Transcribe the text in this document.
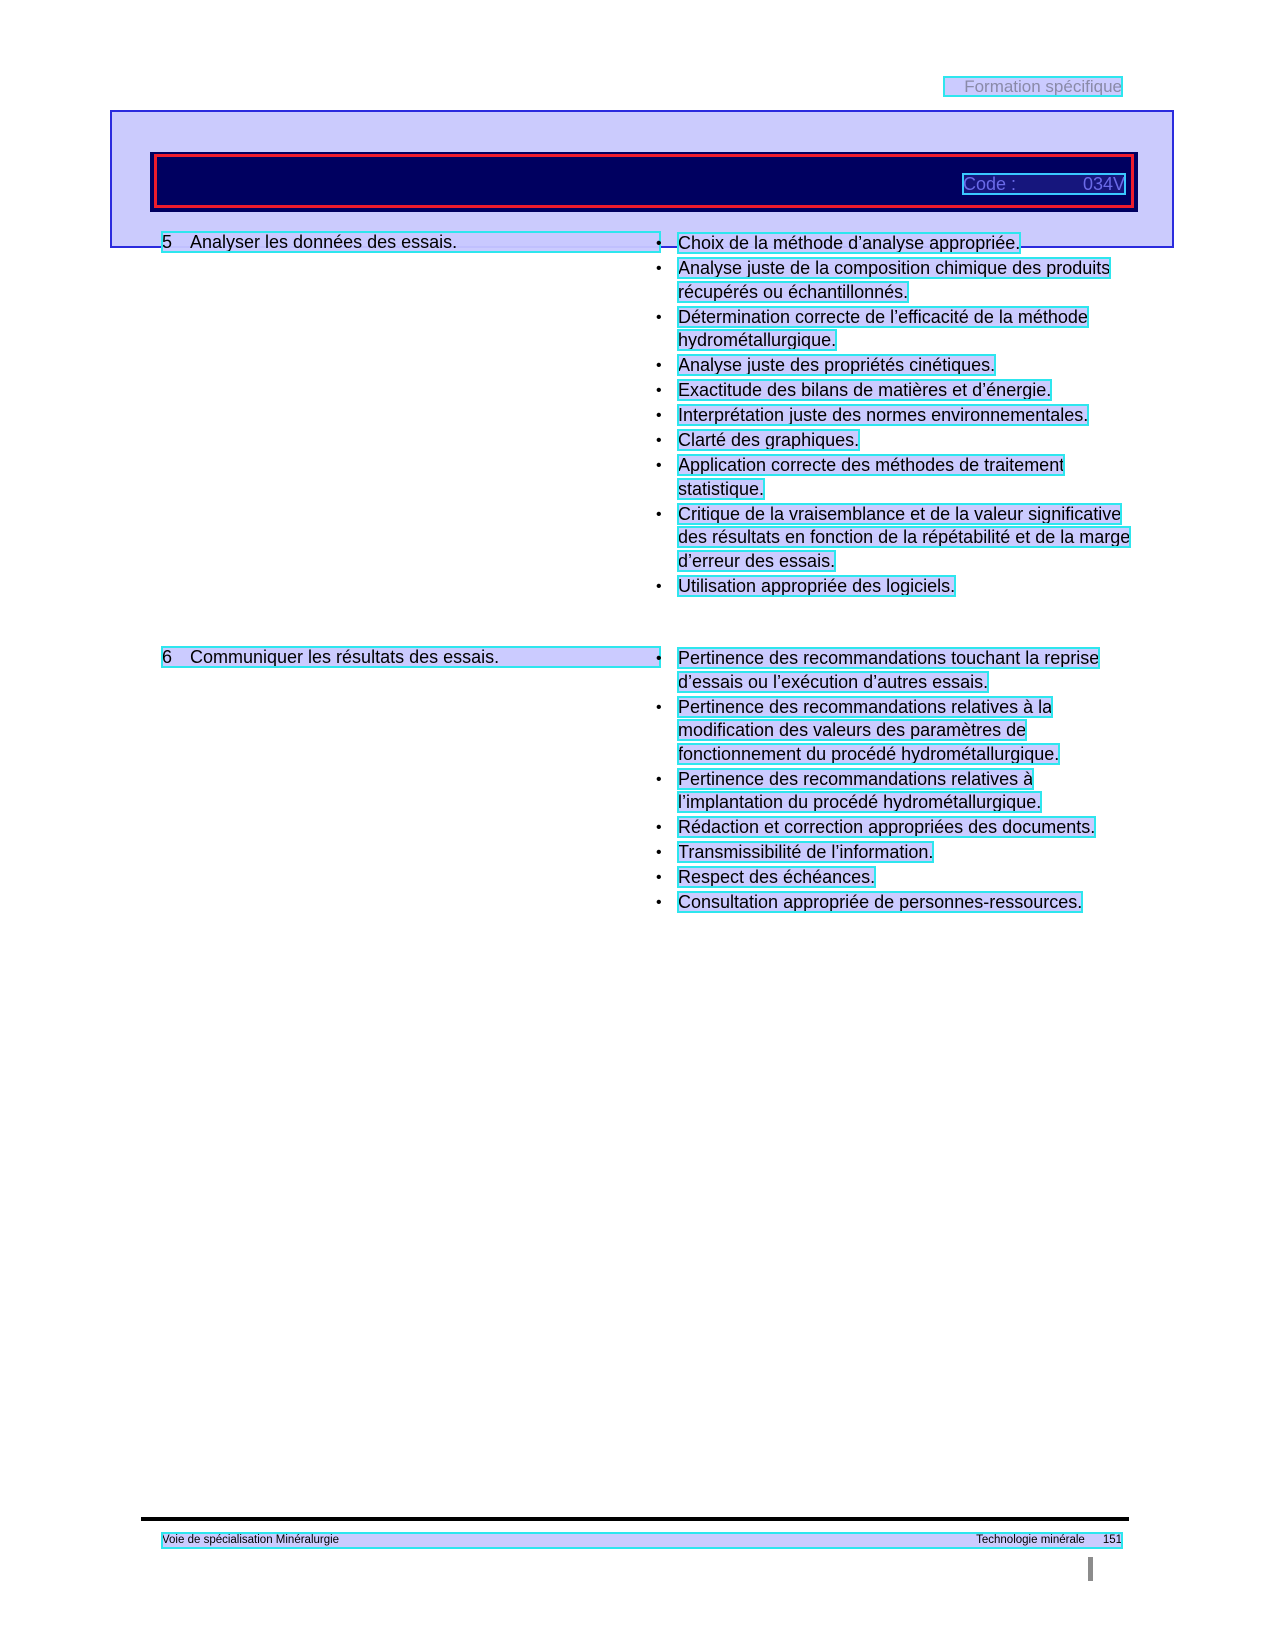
Formation spécifique
Code :	034V
5 Analyser les données des essais.	• Choix de la méthode d’analyse appropriée.
• Analyse juste de la composition chimique des produits récupérés ou échantillonnés.
• Détermination correcte de l’efficacité de la méthode hydrométallurgique.
• Analyse juste des propriétés cinétiques.
• Exactitude des bilans de matières et d’énergie.
• Interprétation juste des normes environnementales.
• Clarté des graphiques.
• Application correcte des méthodes de traitement statistique.
• Critique de la vraisemblance et de la valeur significative des résultats en fonction de la répétabilité et de la marge d’erreur des essais.
• Utilisation appropriée des logiciels.
6 Communiquer les résultats des essais.	• Pertinence des recommandations touchant la reprise d’essais ou l’exécution d’autres essais.
• Pertinence des recommandations relatives à la modification des valeurs des paramètres de fonctionnement du procédé hydrométallurgique.
• Pertinence des recommandations relatives à l’implantation du procédé hydrométallurgique.
• Rédaction et correction appropriées des documents.
• Transmissibilité de l’information.
• Respect des échéances.
• Consultation appropriée de personnes-ressources.
Voie de spécialisation Minéralurgie	Technologie minérale 151
